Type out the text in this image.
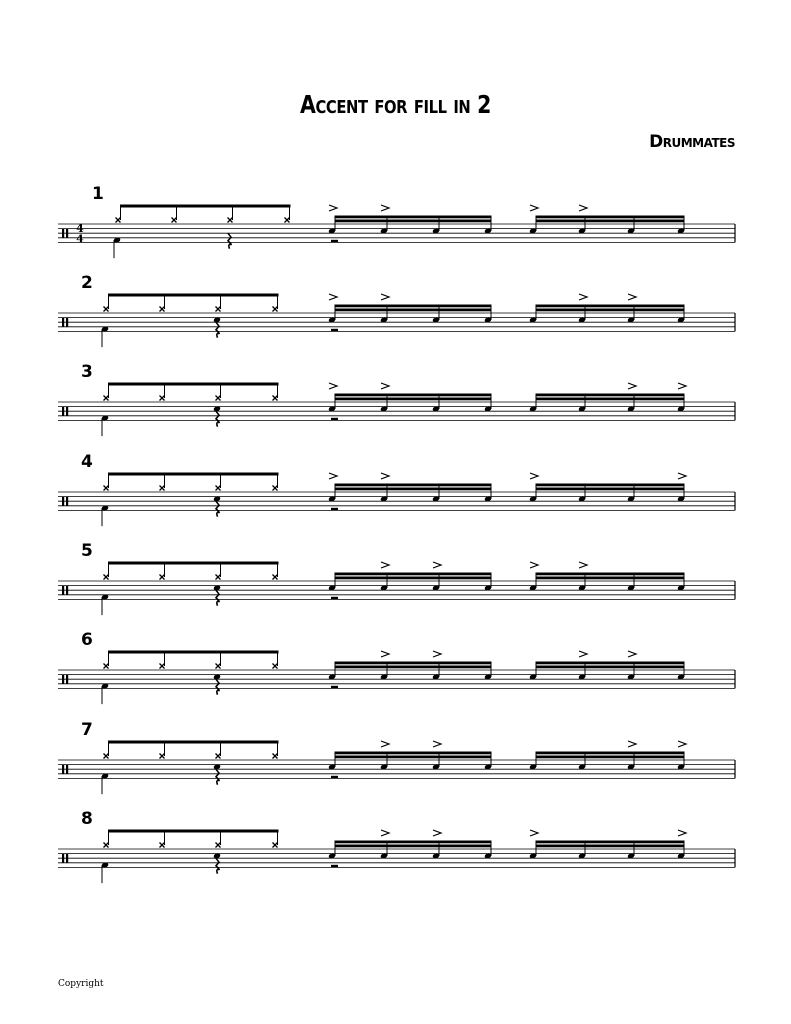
Accent for fill in 2
Drummates
1
4
4
2
3
4
5
6
7
8
Copyright
